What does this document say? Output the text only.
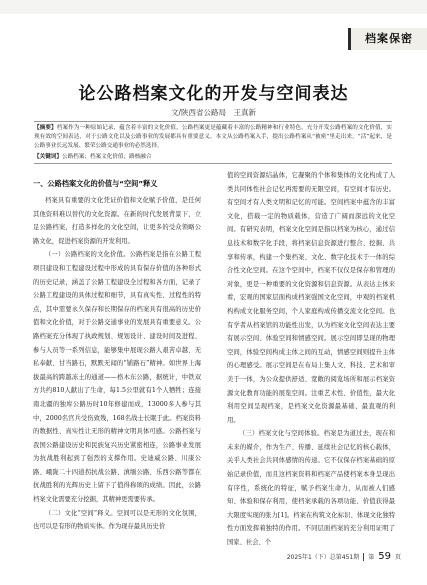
档案保密
论公路档案文化的开发与空间表达
文/陕西省公路局　王真新

【摘要】档案作为一种原始记录，蕴含着丰富的文化价值，公路档案更是蕴藏着丰富的公路精神和行业特色，充分开发公路档案的文化价值，实现有效的空间表达，对于公路文化以及公路事业的发展都具有重要意义。本文从公路档案入手，提出公路档案从“被密”里走出来，“活”起来，是公路事业长远发展、繁荣公路交通事业的必然选择。

【关键词】公路档案；档案文化价值；路核融合

一、公路档案文化的价值与“空间”释义

档案具有重要的文化凭证价值和文化赋予价值，是任何其他资料难以替代的文化资源。在新的时代发展背景下，立足公路档案，打造多样化的文化空间，让更多的受众领略公路文化，促进档案资源的开发利用。

（一）公路档案的文化价值。公路档案是指在公路工程项目建设和工程建设过程中形成的具有保存价值的各种形式的历史记录，涵盖了公路工程建设全过程和各方面，记录了公路工程建设的具体过程和细节，具有真实性、过程性的特点，其中需要永久保存和长期保存的档案具有很高的历史价值和文化价值，对于公路交通事业的发展具有重要意义。公路档案充分体现了执政规划、规划设计、建设时间及进程、参与人员等一系列信息，能够集中展现公路人艰苦卓越、无私奉献、甘当路石，默默无闻的“铺路石”精神。如世界上海拔最高的跨越冻土的通道——格木东公路，据统计，中铁双方共约810人献出了生命，每1.5公里就有1个人牺牲；连接南北疆的独库公路历时10年修建而成，13000多人参与其中，2000名官兵受伤致残，168名战士长眠于此。档案资料的数据性、真实性让无形的精神文明具体可感。公路档案与我国公路建设历史和民族复兴历史紧密相连，公路事业发展为抗战胜利起到了强烈的支撑作用。史迪威公路、川康公路、峨陇二十四道拐抗战公路、滇缅公路、乐西公路等都在抗战胜利的光辉历史上留下了值得称颂的成绩。因此，公路档案文化需要充分挖掘，其精神更需要传承。

（二）文化“空间”释义。空间可以是无形的文化氛围，也可以是有形的物质实体。作为现存最具历史价

值的空间资源结晶体，它凝聚的个体和集体的文化构成了人类共同体性社会记忆再需要的无限空间，有空间才有历史。有空间才有人类文明和记忆的可能。空间档案中蕴含的丰富文化，搭载一定的物质载体，营造了广阔而深远的文化空间。有研究表明，档案文化空间是指以档案为核心，通过信息技术和数字化手段，将档案信息资源进行整合、挖掘、共享和传承，构建一个集档案、文化、数字化技术于一体的综合性文化空间。在这个空间中，档案不仅仅是保存和管理的对象，更是一种重要的文化资源和信息资源。从表达主体来看，宏观的国家层面构成档案强国文化空间，中观的档案机构构成文化服务空间，个人家庭构成传播交流文化空间。也有学者从档案馆的功能性出发，认为档案文化空间表达主要有展示空间、体验空间和情感空间。展示空间即呈现的物理空间，体验空间构成主体之间的互动，情感空间则提升主体的心理感受。展示空间是在布局上集人文、科技、艺术和审美于一体，为公众提供舒适、宽敞的阅览场所和展示档案资源文化教育功能的展览空间。注重艺术性、价值性，最大化利用空间呈现档案，是档案文化资源最基础、最直观的利用。

（三）档案文化与空间体验。档案是为道过去，现在和未来的媒介，作为生产、传播、延续社会记忆的核心载体，关乎人类社会共同体感情的传递。它不仅保存档案基础的原始记录价值，而且这档案资料和档案产品使档案本身呈现出有序性，系统化的特征，赋予档案生命力，从而被人们感知、体验和保存利用，使档案承载的各项功能、价值获得最大限度实现的张力[1]。档案在构筑文化标识、体现文化独特性方面发挥着独特的作用。不同层面档案的充分利用证明了国家、社会、个

2025年1（下）总第451期 第 59 页
